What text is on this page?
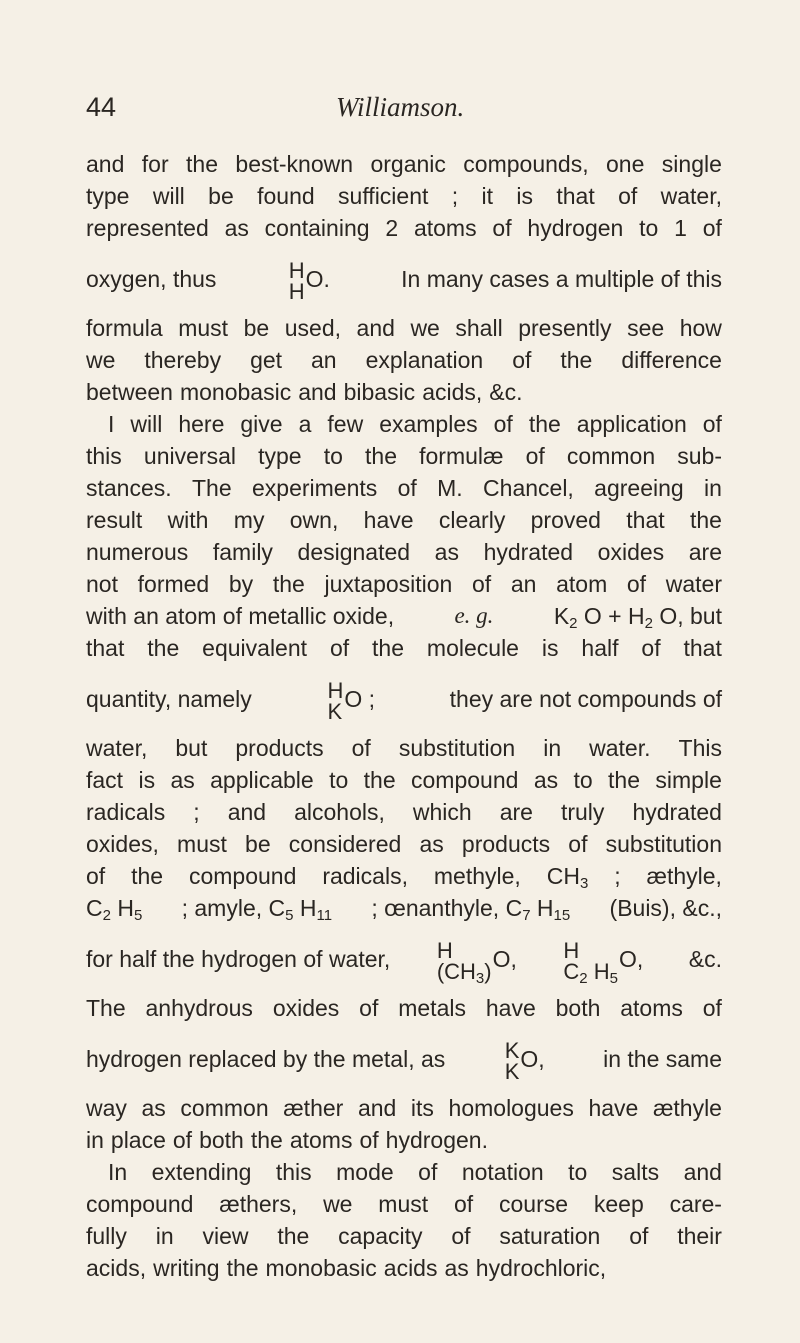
44	Williamson.
and for the best-known organic compounds, one single
type will be found sufficient ; it is that of water,
represented as containing 2 atoms of hydrogen to 1 of
oxygen, thus	H
H O.	In many cases a multiple of this
formula must be used, and we shall presently see how
we thereby get an explanation of the difference
between monobasic and bibasic acids, &c.
I will here give a few examples of the application of
this universal type to the formulæ of common sub-
stances. The experiments of M. Chancel, agreeing in
result with my own, have clearly proved that the
numerous family designated as hydrated oxides are
not formed by the juxtaposition of an atom of water
with an atom of metallic oxide,	e. g.	$K_2$ $O + H_2$ O, but
that the equivalent of the molecule is half of that
quantity, namely	H
K O ;	they are not compounds of
water, but products of substitution in water. This
fact is as applicable to the compound as to the simple
radicals ; and alcohols, which are truly hydrated
oxides, must be considered as products of substitution
of the compound radicals, methyle, $CH_3$ ; æthyle,
$C_2$ $H_5$ ; amyle, $C_5$ $H_{11}$ ; œnanthyle, $C_7$ $H_{15}$ (Buis), &c.,
for half the hydrogen of water, H
$(CH_3)$ O, H
$C_2$ $H_5$
O, &c.
The anhydrous oxides of metals have both atoms of
hydrogen replaced by the metal, as	K
K O,	in the same
way as common æther and its homologues have æthyle
in place of both the atoms of hydrogen.
In extending this mode of notation to salts and
compound æthers, we must of course keep care-
fully in view the capacity of saturation of their
acids, writing the monobasic acids as hydrochloric,
